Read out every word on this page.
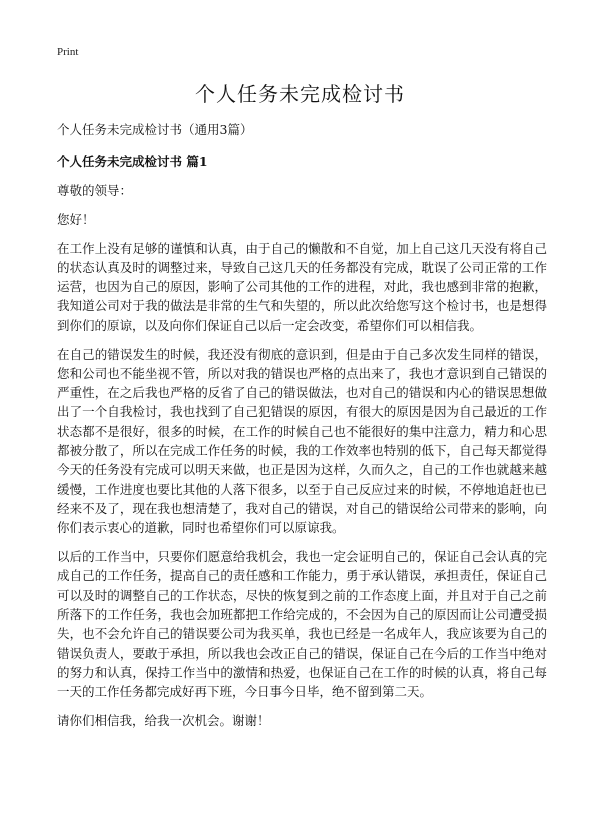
Print
个人任务未完成检讨书

个人任务未完成检讨书（通用3篇）

个人任务未完成检讨书 篇1

尊敬的领导：

您好！

在工作上没有足够的谨慎和认真，由于自己的懒散和不自觉，加上自己这几天没有将自己的状态认真及时的调整过来，导致自己这几天的任务都没有完成，耽误了公司正常的工作运营，也因为自己的原因，影响了公司其他的工作的进程，对此，我也感到非常的抱歉，我知道公司对于我的做法是非常的生气和失望的，所以此次给您写这个检讨书，也是想得到你们的原谅，以及向你们保证自己以后一定会改变，希望你们可以相信我。

在自己的错误发生的时候，我还没有彻底的意识到，但是由于自己多次发生同样的错误，您和公司也不能坐视不管，所以对我的错误也严格的点出来了，我也才意识到自己错误的严重性，在之后我也严格的反省了自己的错误做法，也对自己的错误和内心的错误思想做出了一个自我检讨，我也找到了自己犯错误的原因，有很大的原因是因为自己最近的工作状态都不是很好，很多的时候，在工作的时候自己也不能很好的集中注意力，精力和心思都被分散了，所以在完成工作任务的时候，我的工作效率也特别的低下，自己每天都觉得今天的任务没有完成可以明天来做，也正是因为这样，久而久之，自己的工作也就越来越缓慢，工作进度也要比其他的人落下很多，以至于自己反应过来的时候，不停地追赶也已经来不及了，现在我也想清楚了，我对自己的错误，对自己的错误给公司带来的影响，向你们表示衷心的道歉，同时也希望你们可以原谅我。

以后的工作当中，只要你们愿意给我机会，我也一定会证明自己的，保证自己会认真的完成自己的工作任务，提高自己的责任感和工作能力，勇于承认错误，承担责任，保证自己可以及时的调整自己的工作状态，尽快的恢复到之前的工作态度上面，并且对于自己之前所落下的工作任务，我也会加班都把工作给完成的，不会因为自己的原因而让公司遭受损失，也不会允许自己的错误要公司为我买单，我也已经是一名成年人，我应该要为自己的错误负责人，要敢于承担，所以我也会改正自己的错误，保证自己在今后的工作当中绝对的努力和认真，保持工作当中的激情和热爱，也保证自己在工作的时候的认真，将自己每一天的工作任务都完成好再下班，今日事今日毕，绝不留到第二天。

请你们相信我，给我一次机会。谢谢！
